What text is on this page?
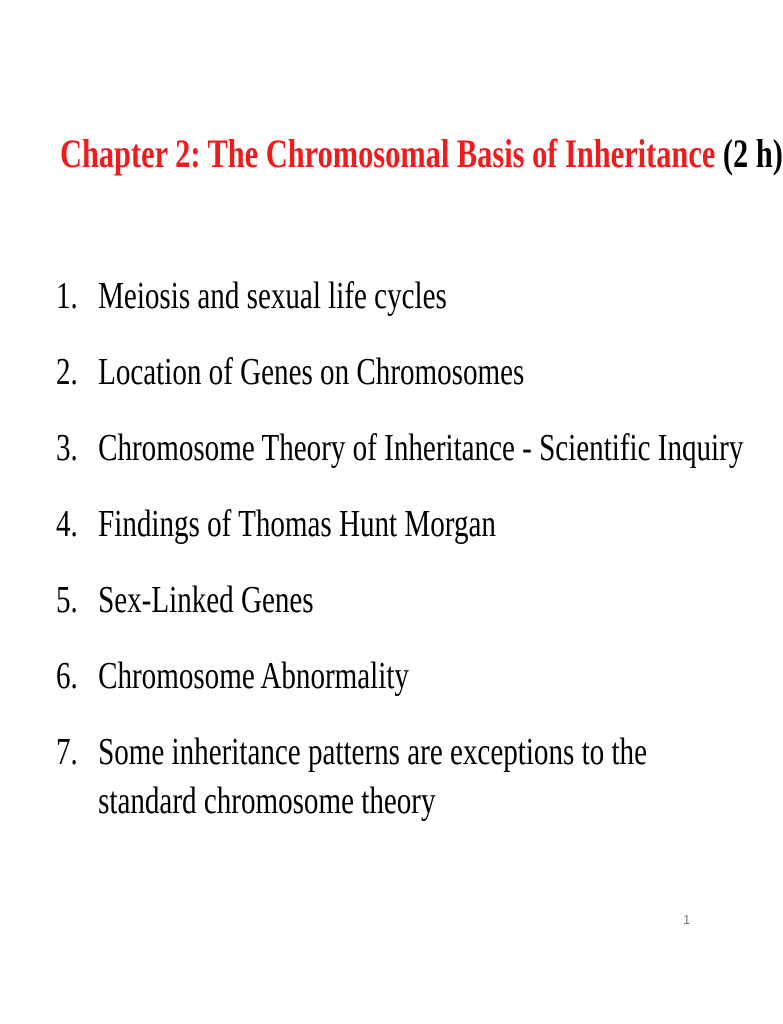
Chapter 2: The Chromosomal Basis of Inheritance (2 h)
1. Meiosis and sexual life cycles
2. Location of Genes on Chromosomes
3. Chromosome Theory of Inheritance - Scientific Inquiry
4. Findings of Thomas Hunt Morgan
5. Sex-Linked Genes
6. Chromosome Abnormality
7. Some inheritance patterns are exceptions to the standard chromosome theory
1
